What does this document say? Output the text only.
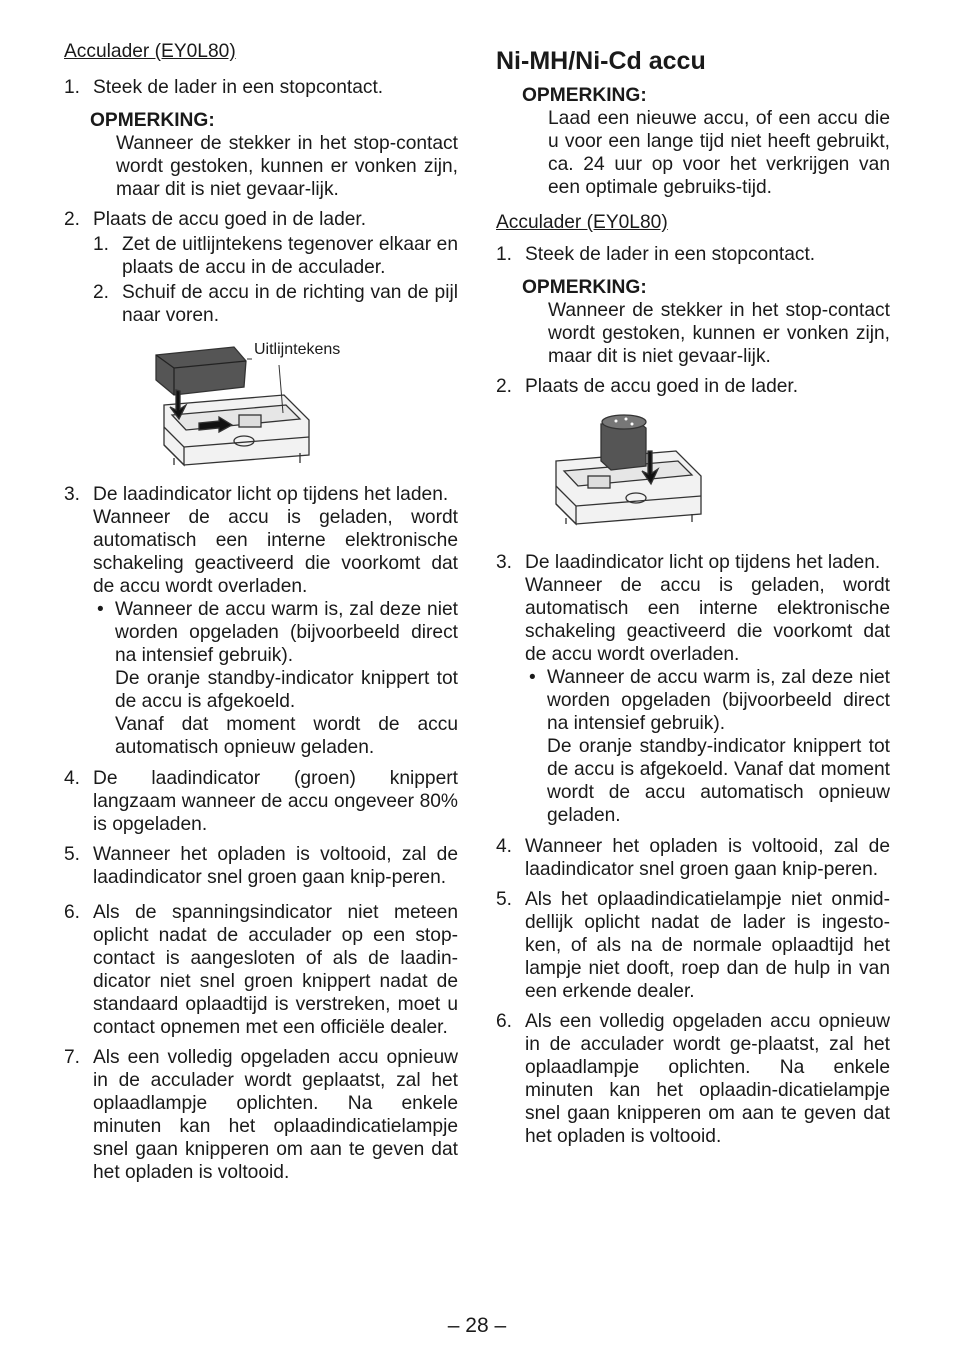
Acculader (EY0L80)
1. Steek de lader in een stopcontact.
OPMERKING:
Wanneer de stekker in het stop-contact wordt gestoken, kunnen er vonken zijn, maar dit is niet gevaar-lijk.
2. Plaats de accu goed in de lader.
1. Zet de uitlijntekens tegenover elkaar en plaats de accu in de acculader.
2. Schuif de accu in de richting van de pijl naar voren.
Uitlijntekens
3. De laadindicator licht op tijdens het laden.
Wanneer de accu is geladen, wordt automatisch een interne elektronische schakeling geactiveerd die voorkomt dat de accu wordt overladen.
• Wanneer de accu warm is, zal deze niet worden opgeladen (bijvoorbeeld direct na intensief gebruik).
De oranje standby-indicator knippert tot de accu is afgekoeld.
Vanaf dat moment wordt de accu automatisch opnieuw geladen.
4. De laadindicator (groen) knippert langzaam wanneer de accu ongeveer 80% is opgeladen.
5. Wanneer het opladen is voltooid, zal de laadindicator snel groen gaan knip-peren.
6. Als de spanningsindicator niet meteen oplicht nadat de acculader op een stop-contact is aangesloten of als de laadin-dicator niet snel groen knippert nadat de standaard oplaadtijd is verstreken, moet u contact opnemen met een officiële dealer.
7. Als een volledig opgeladen accu opnieuw in de acculader wordt geplaatst, zal het oplaadlampje oplichten. Na enkele minuten kan het oplaadindicatielampje snel gaan knipperen om aan te geven dat het opladen is voltooid.
Ni-MH/Ni-Cd accu
OPMERKING:
Laad een nieuwe accu, of een accu die u voor een lange tijd niet heeft gebruikt, ca. 24 uur op voor het verkrijgen van een optimale gebruiks-tijd.
Acculader (EY0L80)
1. Steek de lader in een stopcontact.
OPMERKING:
Wanneer de stekker in het stop-contact wordt gestoken, kunnen er vonken zijn, maar dit is niet gevaar-lijk.
2. Plaats de accu goed in de lader.
3. De laadindicator licht op tijdens het laden.
Wanneer de accu is geladen, wordt automatisch een interne elektronische schakeling geactiveerd die voorkomt dat de accu wordt overladen.
• Wanneer de accu warm is, zal deze niet worden opgeladen (bijvoorbeeld direct na intensief gebruik).
De oranje standby-indicator knippert tot de accu is afgekoeld. Vanaf dat moment wordt de accu automatisch opnieuw geladen.
4. Wanneer het opladen is voltooid, zal de laadindicator snel groen gaan knip-peren.
5. Als het oplaadindicatielampje niet onmid-dellijk oplicht nadat de lader is ingesto-ken, of als na de normale oplaadtijd het lampje niet dooft, roep dan de hulp in van een erkende dealer.
6. Als een volledig opgeladen accu opnieuw in de acculader wordt ge-plaatst, zal het oplaadlampje oplichten. Na enkele minuten kan het oplaadin-dicatielampje snel gaan knipperen om aan te geven dat het opladen is voltooid.
– 28 –
